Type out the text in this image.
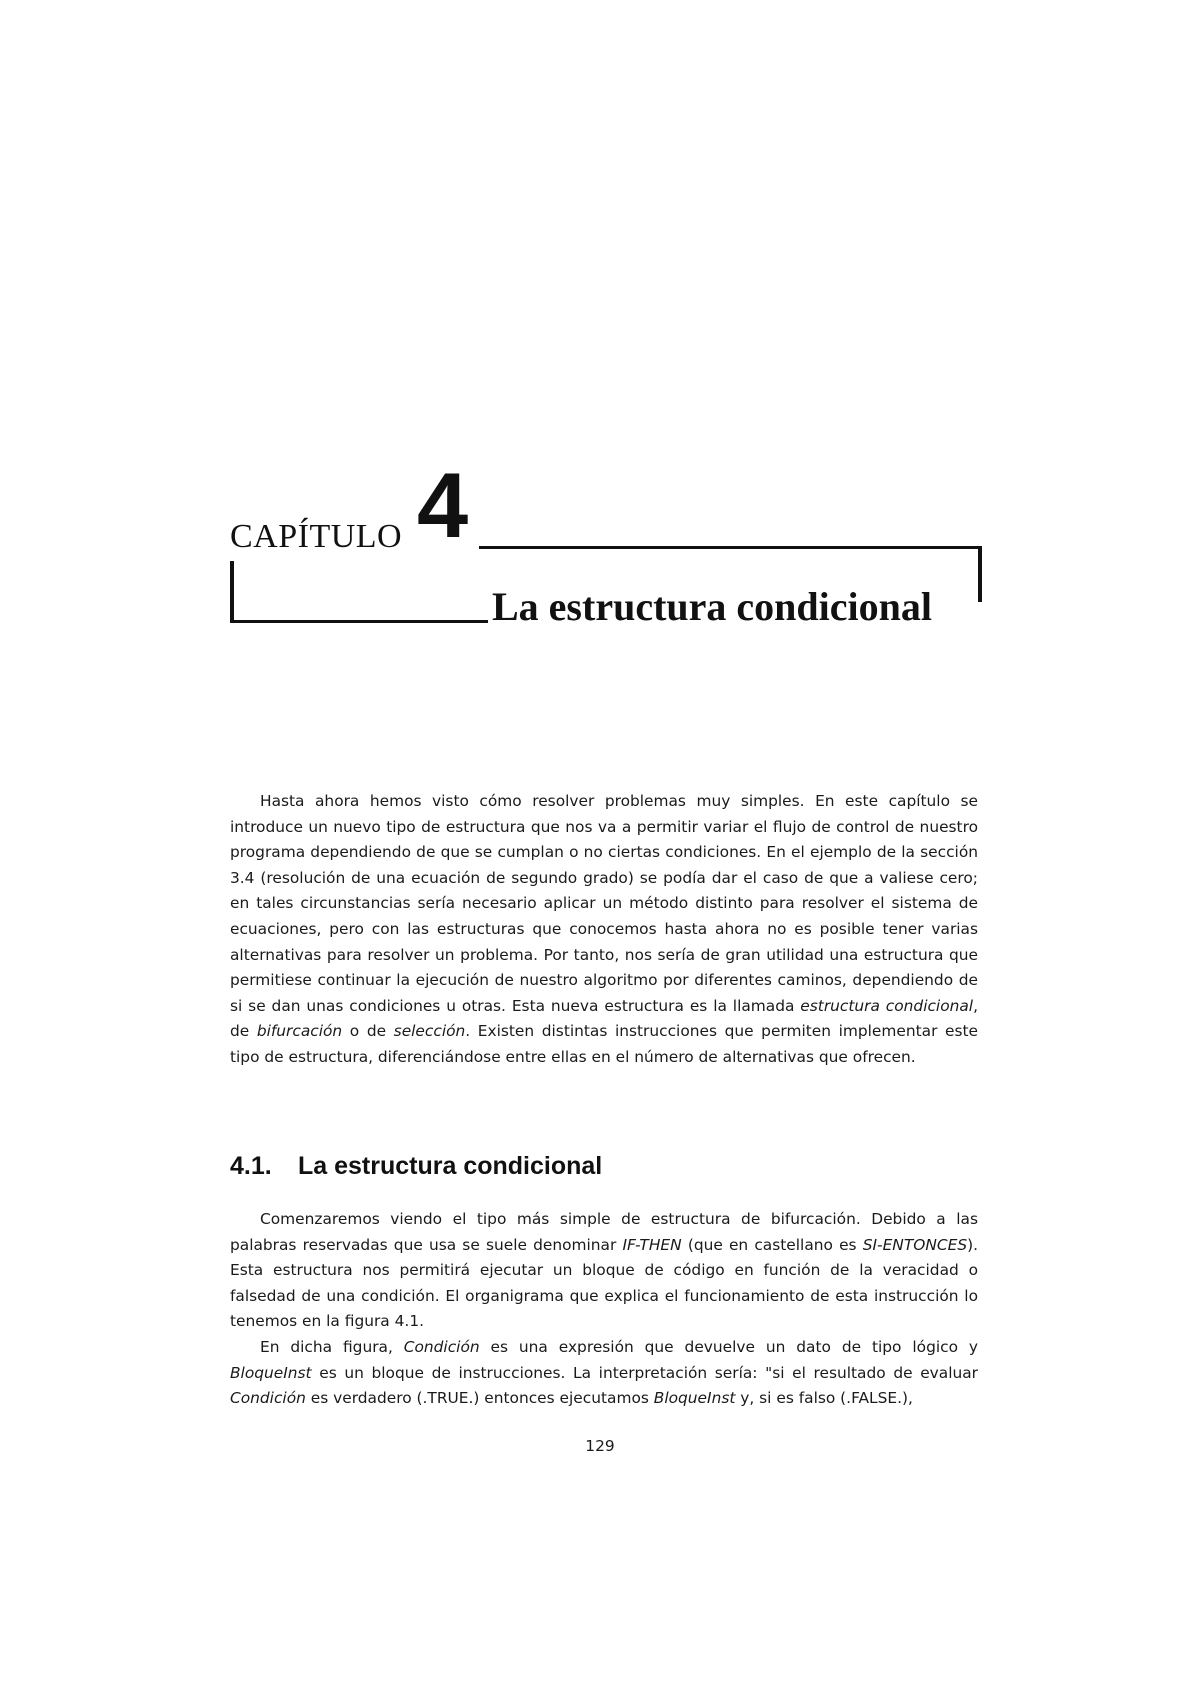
CAPÍTULO 4
La estructura condicional

Hasta ahora hemos visto cómo resolver problemas muy simples. En este capítulo se introduce un nuevo tipo de estructura que nos va a permitir variar el flujo de control de nuestro programa dependiendo de que se cumplan o no ciertas condiciones. En el ejemplo de la sección 3.4 (resolución de una ecuación de segundo grado) se podía dar el caso de que a valiese cero; en tales circunstancias sería necesario aplicar un método distinto para resolver el sistema de ecuaciones, pero con las estructuras que conocemos hasta ahora no es posible tener varias alternativas para resolver un problema. Por tanto, nos sería de gran utilidad una estructura que permitiese continuar la ejecución de nuestro algoritmo por diferentes caminos, dependiendo de si se dan unas condiciones u otras. Esta nueva estructura es la llamada estructura condicional, de bifurcación o de selección. Existen distintas instrucciones que permiten implementar este tipo de estructura, diferenciándose entre ellas en el número de alternativas que ofrecen.

4.1. La estructura condicional

Comenzaremos viendo el tipo más simple de estructura de bifurcación. Debido a las palabras reservadas que usa se suele denominar IF-THEN (que en castellano es SI-ENTONCES). Esta estructura nos permitirá ejecutar un bloque de código en función de la veracidad o falsedad de una condición. El organigrama que explica el funcionamiento de esta instrucción lo tenemos en la figura 4.1.

En dicha figura, Condición es una expresión que devuelve un dato de tipo lógico y BloqueInst es un bloque de instrucciones. La interpretación sería: "si el resultado de evaluar Condición es verdadero (.TRUE.) entonces ejecutamos BloqueInst y, si es falso (.FALSE.),

129
